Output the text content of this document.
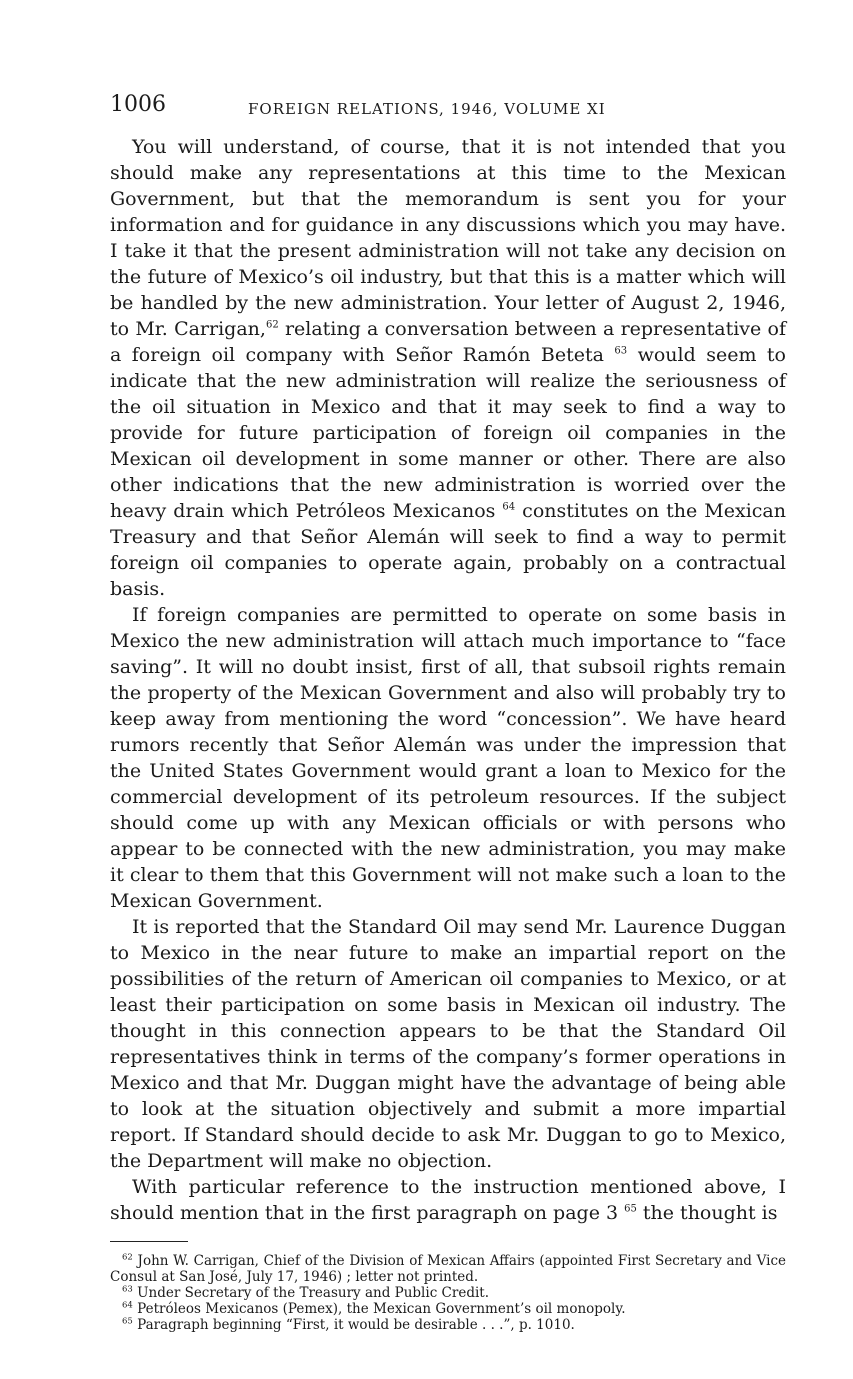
1006	FOREIGN RELATIONS, 1946, VOLUME XI

You will understand, of course, that it is not intended that you should make any representations at this time to the Mexican Government, but that the memorandum is sent you for your information and for guidance in any discussions which you may have. I take it that the present administration will not take any decision on the future of Mexico’s oil industry, but that this is a matter which will be handled by the new administration. Your letter of August 2, 1946, to Mr. Carrigan,$^{62}$ relating a conversation between a representative of a foreign oil company with Señor Ramón Beteta $^{63}$ would seem to indicate that the new administration will realize the seriousness of the oil situation in Mexico and that it may seek to find a way to provide for future participation of foreign oil companies in the Mexican oil development in some manner or other. There are also other indications that the new administration is worried over the heavy drain which Petróleos Mexicanos $^{64}$ constitutes on the Mexican Treasury and that Señor Alemán will seek to find a way to permit foreign oil companies to operate again, probably on a contractual basis.

If foreign companies are permitted to operate on some basis in Mexico the new administration will attach much importance to “face saving”. It will no doubt insist, first of all, that subsoil rights remain the property of the Mexican Government and also will probably try to keep away from mentioning the word “concession”. We have heard rumors recently that Señor Alemán was under the impression that the United States Government would grant a loan to Mexico for the commercial development of its petroleum resources. If the subject should come up with any Mexican officials or with persons who appear to be connected with the new administration, you may make it clear to them that this Government will not make such a loan to the Mexican Government.

It is reported that the Standard Oil may send Mr. Laurence Duggan to Mexico in the near future to make an impartial report on the possibilities of the return of American oil companies to Mexico, or at least their participation on some basis in Mexican oil industry. The thought in this connection appears to be that the Standard Oil representatives think in terms of the company’s former operations in Mexico and that Mr. Duggan might have the advantage of being able to look at the situation objectively and submit a more impartial report. If Standard should decide to ask Mr. Duggan to go to Mexico, the Department will make no objection.

With particular reference to the instruction mentioned above, I should mention that in the first paragraph on page 3 $^{65}$ the thought is

$^{62}$ John W. Carrigan, Chief of the Division of Mexican Affairs (appointed First Secretary and Vice Consul at San José, July 17, 1946) ; letter not printed.

$^{63}$ Under Secretary of the Treasury and Public Credit.

$^{64}$ Petróleos Mexicanos (Pemex), the Mexican Government’s oil monopoly.

$^{65}$ Paragraph beginning “First, it would be desirable . . .”, p. 1010.
